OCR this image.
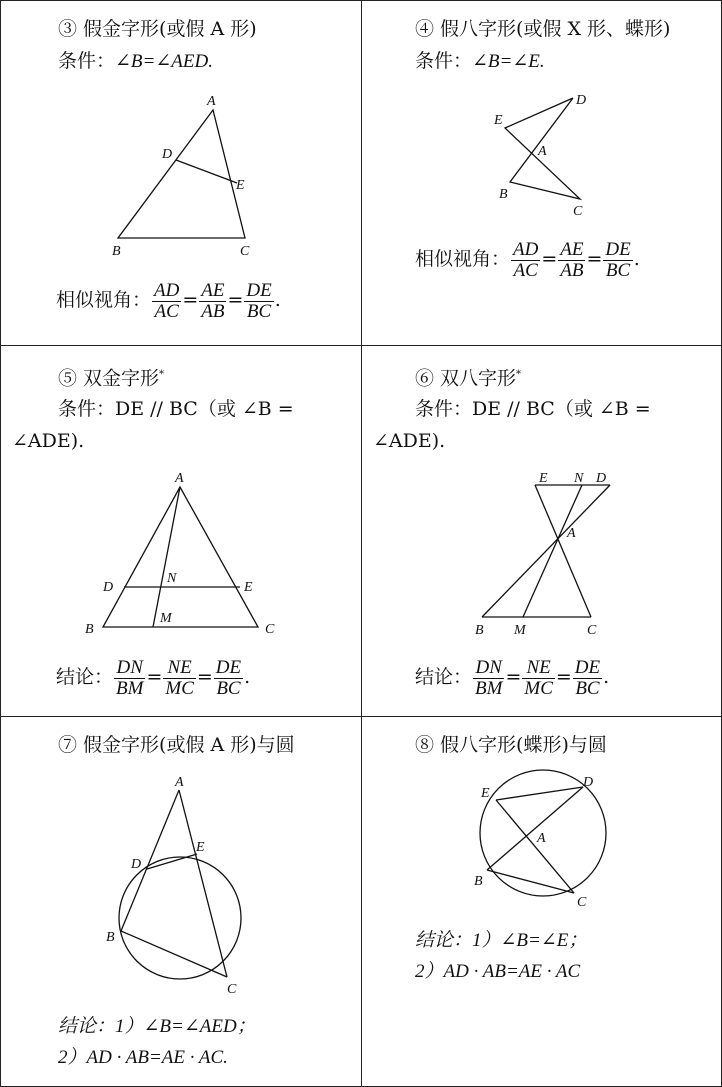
③ 假金字形(或假 A 形)
条件：∠B=∠AED.
A
B	C
D
E
相似视角： $\frac{AD}{AC} = \frac{AE}{AB} = \frac{DE}{BC}$ .
④ 假八字形(或假 X 形、蝶形)
条件：∠B=∠E.
D
E
A
B
C
相似视角： $\frac{AD}{AC} = \frac{AE}{AB} = \frac{DE}{BC}$ .
⑤ 双金字形*
条件：DE // BC（或 ∠B =
∠ADE).
A
D
N
E
M
B	C
结论： $\frac{DN}{BM} = \frac{NE}{MC} = \frac{DE}{BC}$ .
⑥ 双八字形*
条件：DE // BC（或 ∠B =
∠ADE).
E N D
A
B M	C
结论： $\frac{DN}{BM} = \frac{NE}{MC} = \frac{DE}{BC}$ .
⑦ 假金字形(或假 A 形)与圆
A
E
D
B
C
结论：1）∠B=∠AED；
2）AD · AB=AE · AC.
⑧ 假八字形(蝶形)与圆
D
E
A
B
C
结论：1）∠B=∠E；
2）AD · AB=AE · AC
